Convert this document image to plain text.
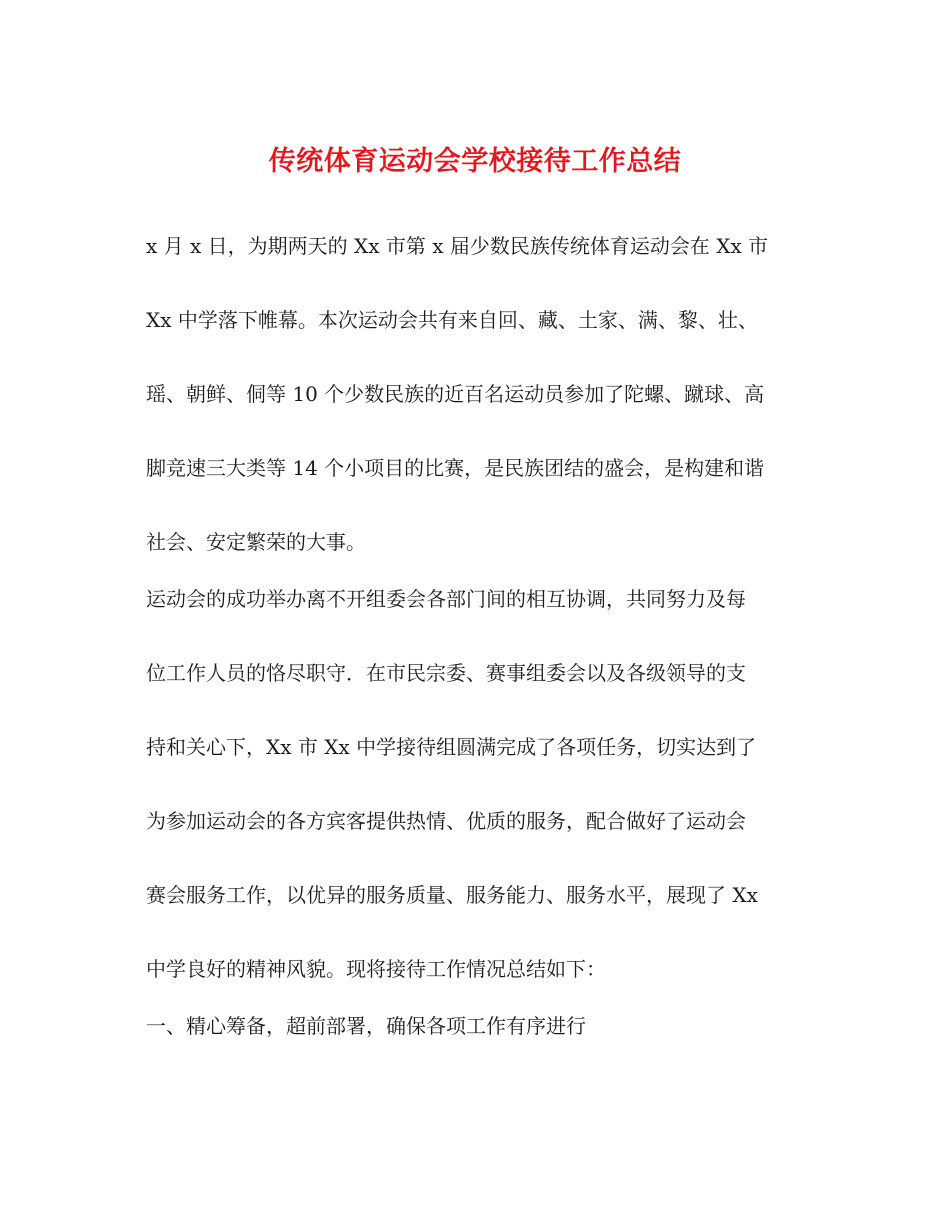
传统体育运动会学校接待工作总结
x 月 x 日，为期两天的 Xx 市第 x 届少数民族传统体育运动会在 Xx 市
Xx 中学落下帷幕。本次运动会共有来自回、藏、土家、满、黎、壮、
瑶、朝鲜、侗等 10 个少数民族的近百名运动员参加了陀螺、蹴球、高
脚竞速三大类等 14 个小项目的比赛，是民族团结的盛会，是构建和谐
社会、安定繁荣的大事。
运动会的成功举办离不开组委会各部门间的相互协调，共同努力及每
位工作人员的恪尽职守．在市民宗委、赛事组委会以及各级领导的支
持和关心下，Xx 市 Xx 中学接待组圆满完成了各项任务，切实达到了
为参加运动会的各方宾客提供热情、优质的服务，配合做好了运动会
赛会服务工作，以优异的服务质量、服务能力、服务水平，展现了 Xx
中学良好的精神风貌。现将接待工作情况总结如下：
一、精心筹备，超前部署，确保各项工作有序进行
